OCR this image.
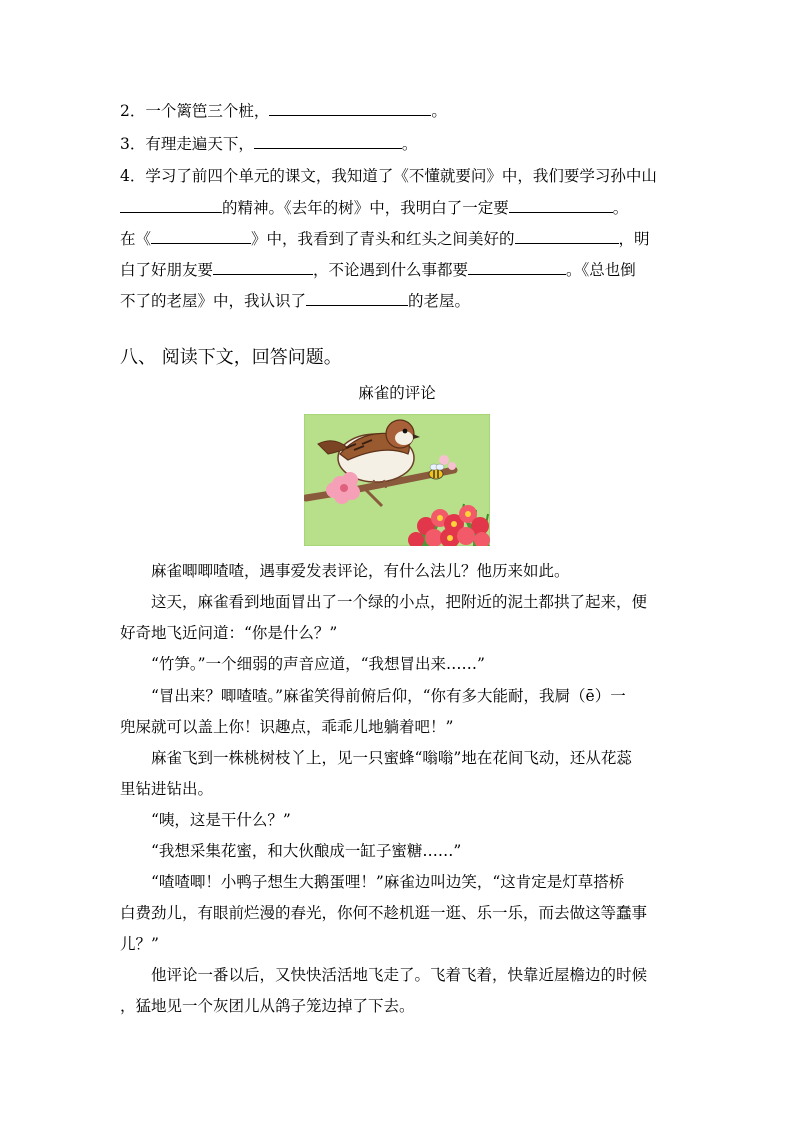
2．一个篱笆三个桩，	。
3．有理走遍天下，	。
4．学习了前四个单元的课文，我知道了《不懂就要问》中，我们要学习孙中山
的精神。《去年的树》中，我明白了一定要	。
在《	》中，我看到了青头和红头之间美好的	，明
白了好朋友要	，不论遇到什么事都要	。《总也倒
不了的老屋》中，我认识了	的老屋。
八、 阅读下文，回答问题。
麻雀的评论
　　麻雀唧唧喳喳，遇事爱发表评论，有什么法儿？他历来如此。
　　这天，麻雀看到地面冒出了一个绿的小点，把附近的泥土都拱了起来，便
好奇地飞近问道：“你是什么？”
　　“竹笋。”一个细弱的声音应道，“我想冒出来……”
　　“冒出来？唧喳喳。”麻雀笑得前俯后仰，“你有多大能耐，我屙（ē）一
兜屎就可以盖上你！识趣点，乖乖儿地躺着吧！”
　　麻雀飞到一株桃树枝丫上，见一只蜜蜂“嗡嗡”地在花间飞动，还从花蕊
里钻进钻出。
　　“咦，这是干什么？”
　　“我想采集花蜜，和大伙酿成一缸子蜜糖……”
　　“喳喳唧！小鸭子想生大鹅蛋哩！”麻雀边叫边笑，“这肯定是灯草搭桥
白费劲儿，有眼前烂漫的春光，你何不趁机逛一逛、乐一乐，而去做这等蠢事
儿？”
　　他评论一番以后，又快快活活地飞走了。飞着飞着，快靠近屋檐边的时候
，猛地见一个灰团儿从鸽子笼边掉了下去。
